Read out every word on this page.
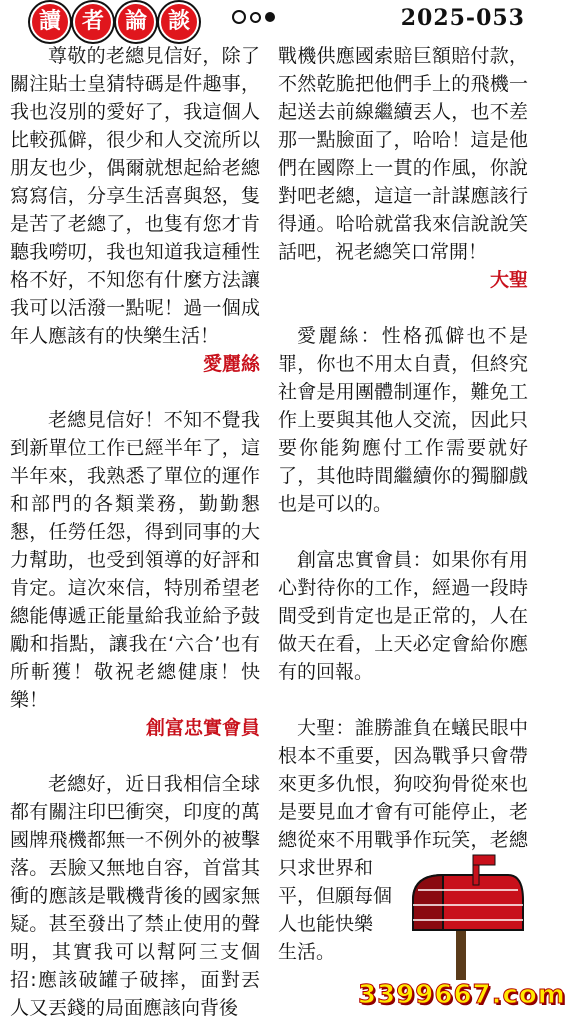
讀 者 論 談	2025-053

尊敬的老總見信好，除了關注貼士皇猜特碼是件趣事，我也沒別的愛好了，我這個人比較孤僻，很少和人交流所以朋友也少，偶爾就想起給老總寫寫信，分享生活喜與怒，隻是苦了老總了，也隻有您才肯聽我嘮叨，我也知道我這種性格不好，不知您有什麼方法讓我可以活潑一點呢！過一個成年人應該有的快樂生活！

愛麗絲

老總見信好！不知不覺我到新單位工作已經半年了，這半年來，我熟悉了單位的運作和部門的各類業務，勤勤懇懇，任勞任怨，得到同事的大力幫助，也受到領導的好評和肯定。這次來信，特別希望老總能傳遞正能量給我並給予鼓勵和指點，讓我在‘六合’也有所斬獲！敬祝老總健康！快樂！

創富忠實會員

老總好，近日我相信全球都有關注印巴衝突，印度的萬國牌飛機都無一不例外的被擊落。丟臉又無地自容，首當其衝的應該是戰機背後的國家無疑。甚至發出了禁止使用的聲明，其實我可以幫阿三支個招:應該破罐子破摔，面對丟人又丟錢的局面應該向背後

戰機供應國索賠巨額賠付款，不然乾脆把他們手上的飛機一起送去前線繼續丟人，也不差那一點臉面了，哈哈！這是他們在國際上一貫的作風，你說對吧老總，這這一計謀應該行得通。哈哈就當我來信說說笑話吧，祝老總笑口常開！

大聖

愛麗絲：性格孤僻也不是罪，你也不用太自責，但終究社會是用團體制運作，難免工作上要與其他人交流，因此只要你能夠應付工作需要就好了，其他時間繼續你的獨腳戲也是可以的。

創富忠實會員：如果你有用心對待你的工作，經過一段時間受到肯定也是正常的，人在做天在看，上天必定會給你應有的回報。

大聖：誰勝誰負在蟻民眼中根本不重要，因為戰爭只會帶來更多仇恨，狗咬狗骨從來也是要見血才會有可能停止，老總從來不用戰爭作玩笑，老總只求世界和

平，但願每個

人也能快樂

生活。

3399667.com
